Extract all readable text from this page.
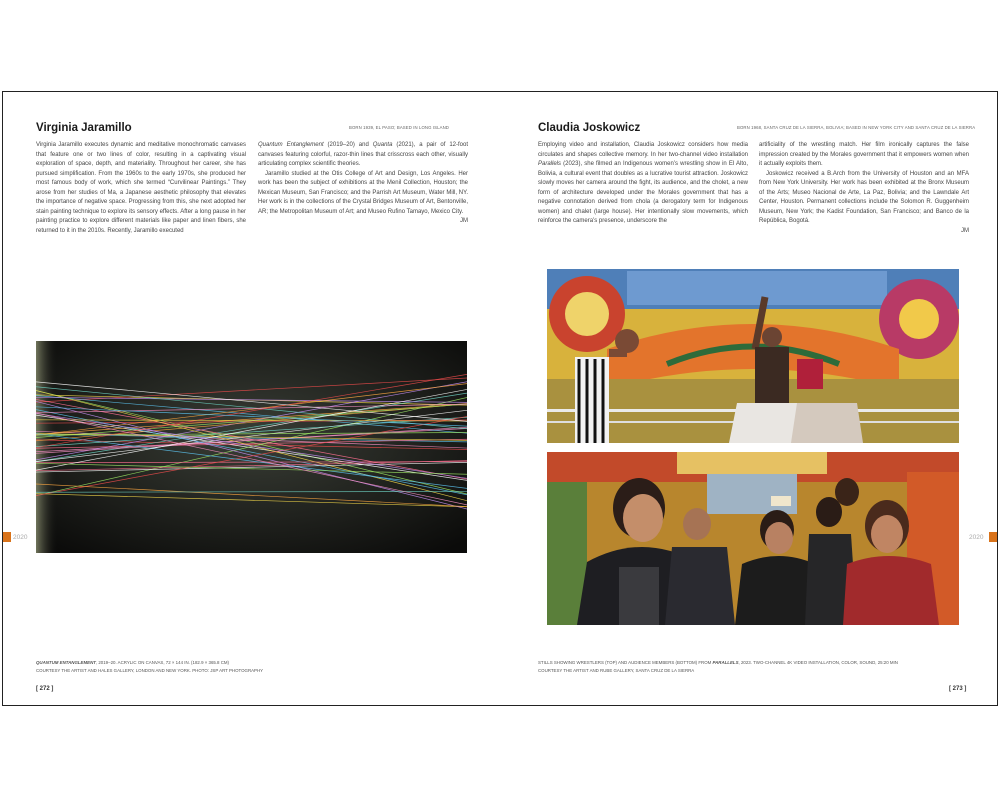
Virginia Jaramillo	BORN 1939, EL PASO; BASED IN LONG ISLAND

Virginia Jaramillo executes dynamic and meditative monochromatic canvases that feature one or two lines of color, resulting in a captivating visual exploration of space, depth, and materiality. Throughout her career, she has pursued simplification. From the 1960s to the early 1970s, she produced her most famous body of work, which she termed “Curvilinear Paintings.” They arose from her studies of Ma, a Japanese aesthetic philosophy that elevates the importance of negative space. Progressing from this, she next adopted her stain painting technique to explore its sensory effects. After a long pause in her painting practice to explore different materials like paper and linen fibers, she returned to it in the 2010s. Recently, Jaramillo executed

Quantum Entanglement (2019–20) and Quanta (2021), a pair of 12-foot canvases featuring colorful, razor-thin lines that crisscross each other, visually articulating complex scientific theories.

Jaramillo studied at the Otis College of Art and Design, Los Angeles. Her work has been the subject of exhibitions at the Menil Collection, Houston; the Mexican Museum, San Francisco; and the Parrish Art Museum, Water Mill, NY. Her work is in the collections of the Crystal Bridges Museum of Art, Bentonville, AR; the Metropolitan Museum of Art; and Museo Rufino Tamayo, Mexico City.

JM
2020
QUANTUM ENTANGLEMENT, 2019–20. ACRYLIC ON CANVAS, 72 × 144 IN. (182.9 × 365.8 CM)
COURTESY THE ARTIST AND HALES GALLERY, LONDON AND NEW YORK. PHOTO: JSP ART PHOTOGRAPHY
[ 272 ]
Claudia Joskowicz	BORN 1968, SANTA CRUZ DE LA SIERRA, BOLIVIA; BASED IN NEW YORK CITY AND SANTA CRUZ DE LA SIERRA

Employing video and installation, Claudia Joskowicz considers how media circulates and shapes collective memory. In her two-channel video installation Parallels (2023), she filmed an Indigenous women’s wrestling show in El Alto, Bolivia, a cultural event that doubles as a lucrative tourist attraction. Joskowicz slowly moves her camera around the fight, its audience, and the cholet, a new form of architecture developed under the Morales government that has a negative connotation derived from chola (a derogatory term for Indigenous women) and chalet (large house). Her intentionally slow movements, which reinforce the camera’s presence, underscore the

artificiality of the wrestling match. Her film ironically captures the false impression created by the Morales government that it empowers women when it actually exploits them.

Joskowicz received a B.Arch from the University of Houston and an MFA from New York University. Her work has been exhibited at the Bronx Museum of the Arts; Museo Nacional de Arte, La Paz, Bolivia; and the Lawndale Art Center, Houston. Permanent collections include the Solomon R. Guggenheim Museum, New York; the Kadist Foundation, San Francisco; and Banco de la República, Bogotá.

JM
2020
STILLS SHOWING WRESTLERS (TOP) AND AUDIENCE MEMBERS (BOTTOM) FROM PARALLELS, 2023. TWO-CHANNEL 4K VIDEO INSTALLATION, COLOR, SOUND, 25:20 MIN
COURTESY THE ARTIST AND RUBE GALLERY, SANTA CRUZ DE LA SIERRA
[ 273 ]
